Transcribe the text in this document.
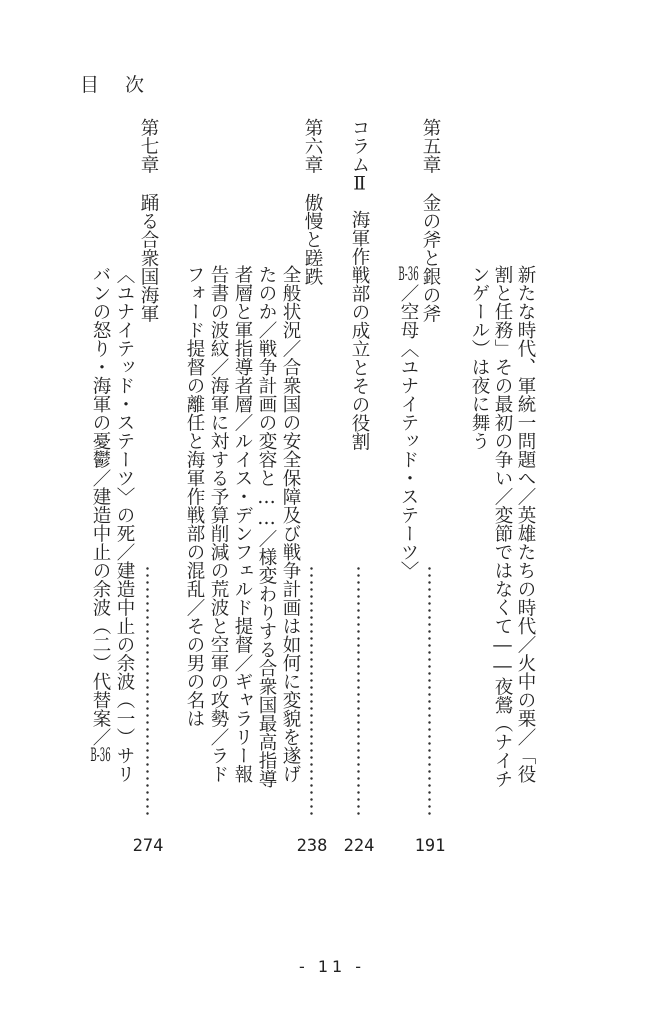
目 次
第五章
金の斧と銀の斧
新たな時代、軍統一問題へ／英雄たちの時代／火中の栗／「役
割と任務」その最初の争い／変節ではなくて――夜鶯（ナイチ
ンゲール）は夜に舞う
B-36／空母〈ユナイテッド・ステーツ〉
191
コラムⅡ
海軍作戦部の成立とその役割
224
第六章
傲慢と蹉跌
全般状況／合衆国の安全保障及び戦争計画は如何に変貌を遂げ
たのか／戦争計画の変容と……／様変わりする合衆国最高指導
者層と軍指導者層／ルイス・デンフェルド提督／ギャラリー報
告書の波紋／海軍に対する予算削減の荒波と空軍の攻勢／ラド
フォード提督の離任と海軍作戦部の混乱／その男の名は
238
第七章
踊る合衆国海軍
〈ユナイテッド・ステーツ〉の死／建造中止の余波（一）サリ
バンの怒り・海軍の憂鬱／建造中止の余波（二）代替案／B-36
274
- 11 -
